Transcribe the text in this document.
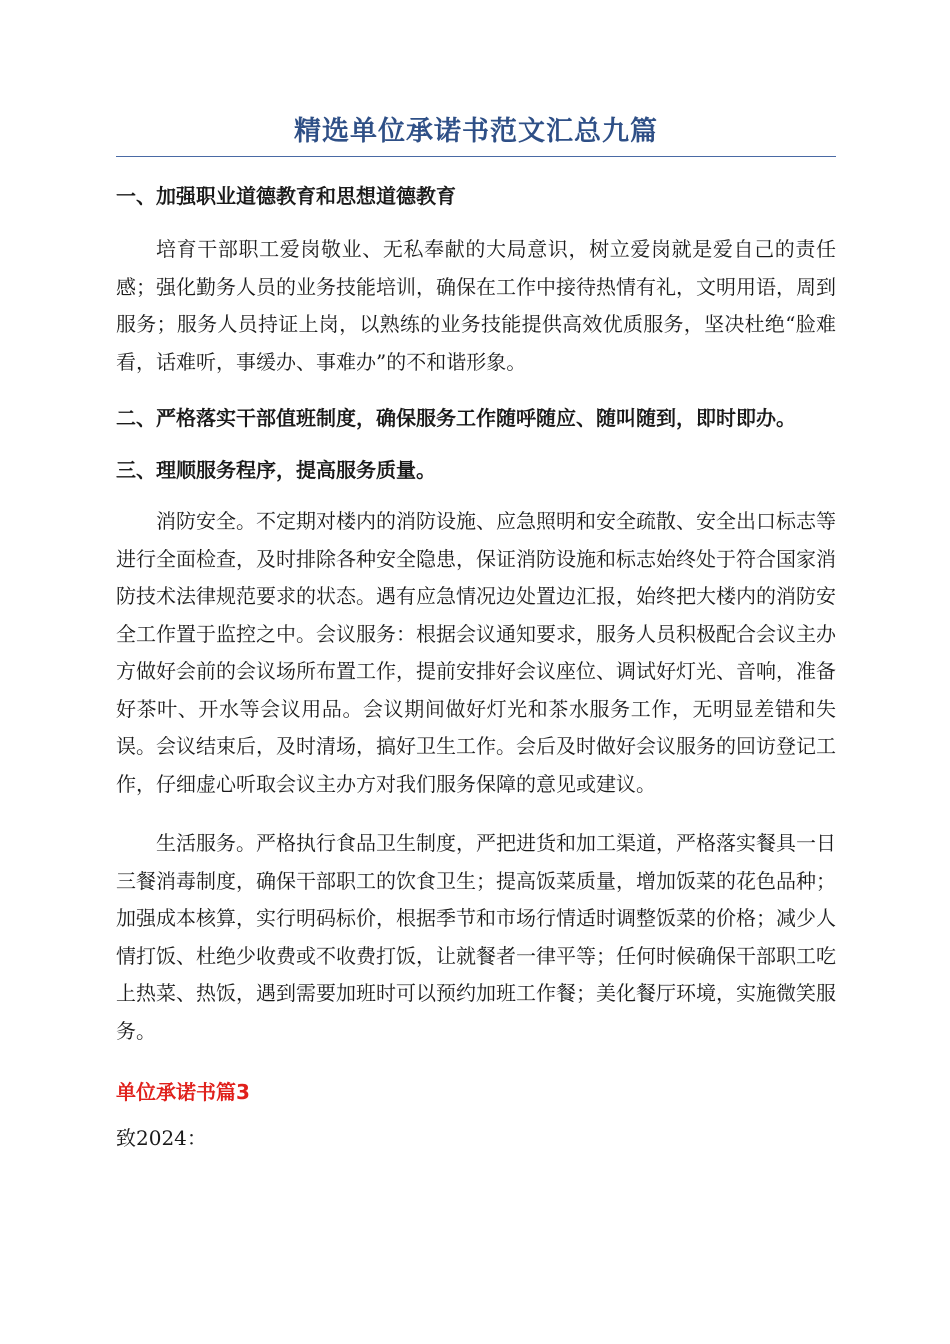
精选单位承诺书范文汇总九篇

一、加强职业道德教育和思想道德教育

培育干部职工爱岗敬业、无私奉献的大局意识，树立爱岗就是爱自己的责任感；强化勤务人员的业务技能培训，确保在工作中接待热情有礼，文明用语，周到服务；服务人员持证上岗，以熟练的业务技能提供高效优质服务，坚决杜绝“脸难看，话难听，事缓办、事难办”的不和谐形象。

二、严格落实干部值班制度，确保服务工作随呼随应、随叫随到，即时即办。

三、理顺服务程序，提高服务质量。

消防安全。不定期对楼内的消防设施、应急照明和安全疏散、安全出口标志等进行全面检查，及时排除各种安全隐患，保证消防设施和标志始终处于符合国家消防技术法律规范要求的状态。遇有应急情况边处置边汇报，始终把大楼内的消防安全工作置于监控之中。会议服务：根据会议通知要求，服务人员积极配合会议主办方做好会前的会议场所布置工作，提前安排好会议座位、调试好灯光、音响，准备好茶叶、开水等会议用品。会议期间做好灯光和茶水服务工作，无明显差错和失误。会议结束后，及时清场，搞好卫生工作。会后及时做好会议服务的回访登记工作，仔细虚心听取会议主办方对我们服务保障的意见或建议。

生活服务。严格执行食品卫生制度，严把进货和加工渠道，严格落实餐具一日三餐消毒制度，确保干部职工的饮食卫生；提高饭菜质量，增加饭菜的花色品种；加强成本核算，实行明码标价，根据季节和市场行情适时调整饭菜的价格；减少人情打饭、杜绝少收费或不收费打饭，让就餐者一律平等；任何时候确保干部职工吃上热菜、热饭，遇到需要加班时可以预约加班工作餐；美化餐厅环境，实施微笑服务。

单位承诺书篇3

致2024：
